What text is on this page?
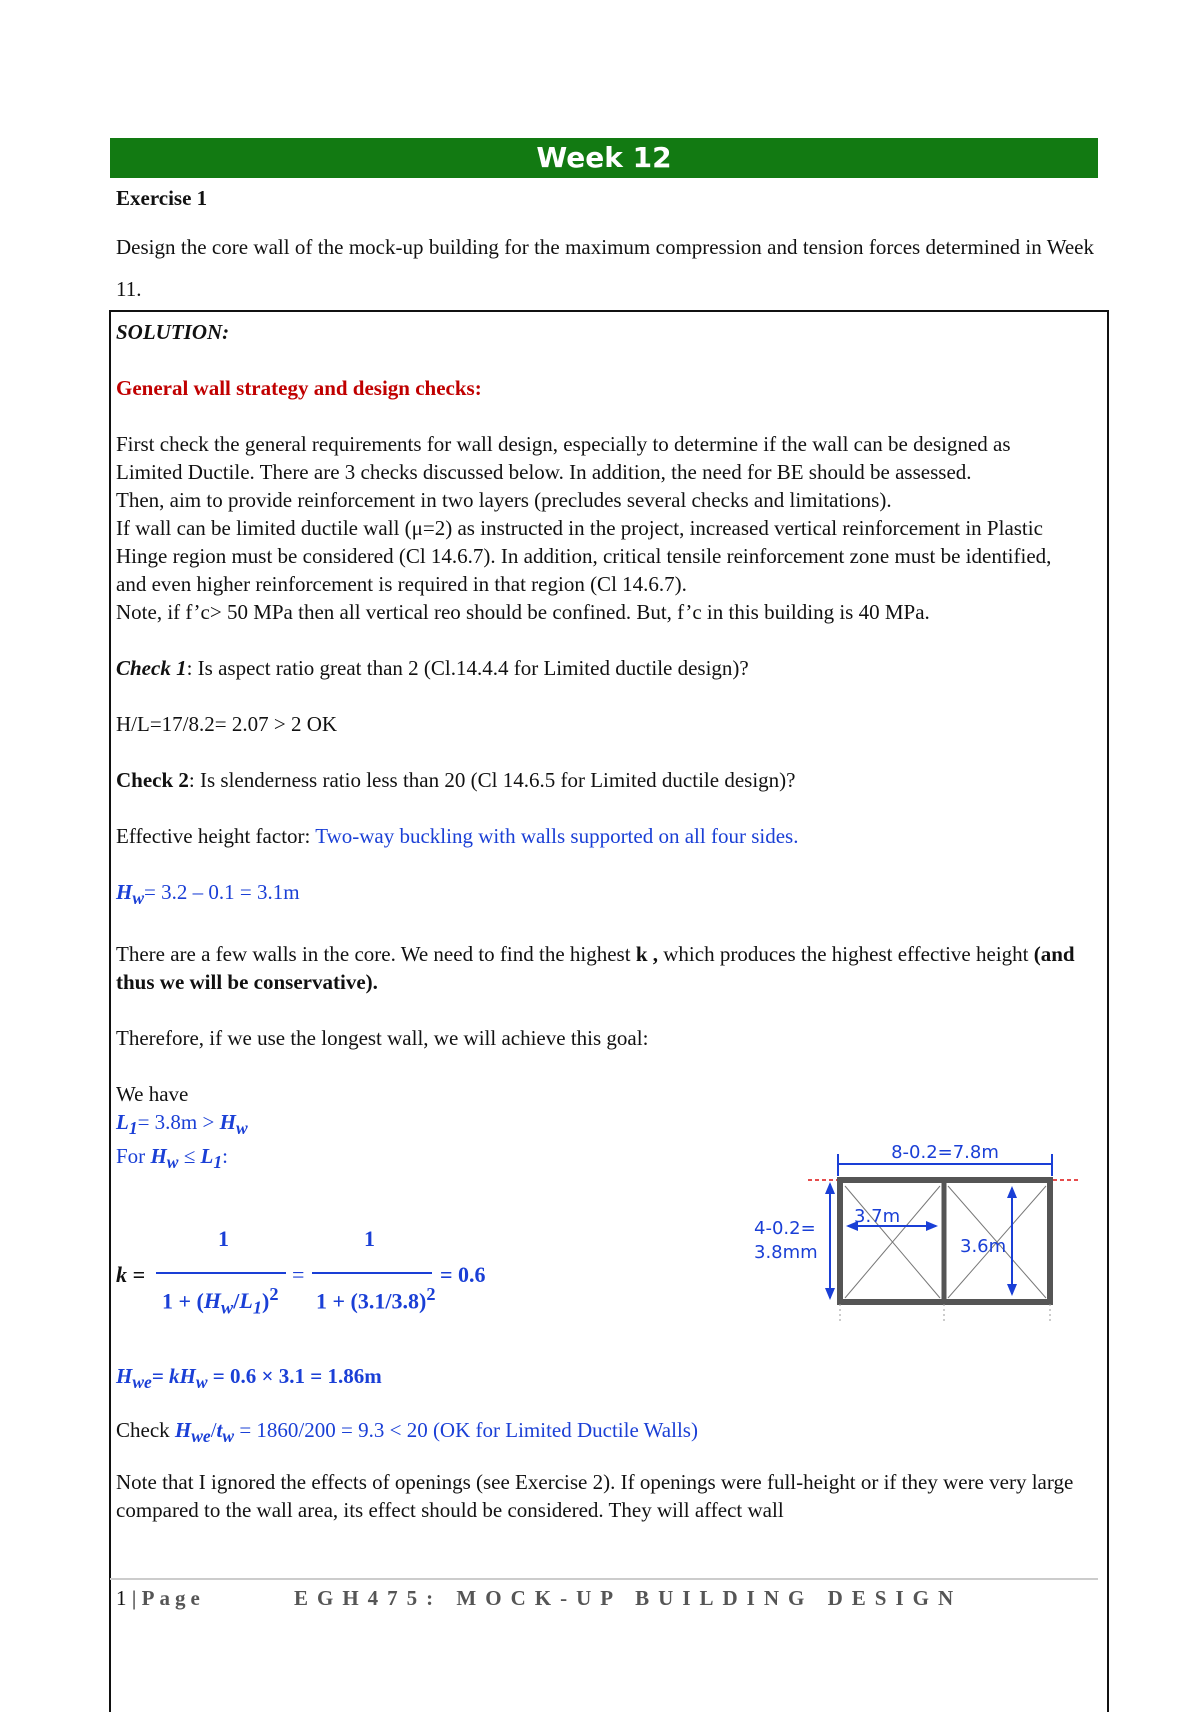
Week 12
Exercise 1
Design the core wall of the mock-up building for the maximum compression and tension forces determined in Week 11.

SOLUTION:

General wall strategy and design checks:

First check the general requirements for wall design, especially to determine if the wall can be designed as Limited Ductile. There are 3 checks discussed below. In addition, the need for BE should be assessed.

Then, aim to provide reinforcement in two layers (precludes several checks and limitations).

If wall can be limited ductile wall (μ=2) as instructed in the project, increased vertical reinforcement in Plastic Hinge region must be considered (Cl 14.6.7). In addition, critical tensile reinforcement zone must be identified, and even higher reinforcement is required in that region (Cl 14.6.7).

Note, if f’c> 50 MPa then all vertical reo should be confined. But, f’c in this building is 40 MPa.

Check 1: Is aspect ratio great than 2 (Cl.14.4.4 for Limited ductile design)?

H/L=17/8.2= 2.07 > 2 OK

Check 2: Is slenderness ratio less than 20 (Cl 14.6.5 for Limited ductile design)?

Effective height factor: Two-way buckling with walls supported on all four sides.

$H_w= 3.2 - 0.1 = 3.1m$

There are a few walls in the core. We need to find the highest k , which produces the highest effective height (and thus we will be conservative).

Therefore, if we use the longest wall, we will achieve this goal:

We have

$L_1= 3.8m > H_w$

For $H_w \le L_1$:

k =
1
$1 + (H_w/L_1)^2$
=
1
$1 + (3.1/3.8)^2$
= 0.6
$H_{we}= kH_w = 0.6 \times 3.1 = 1.86m$
Check $H_{we}/t_w = 1860/200 = 9.3 < 20$ (OK for Limited Ductile Walls)
Note that I ignored the effects of openings (see Exercise 2). If openings were full-height or if they were very large compared to the wall area, its effect should be considered. They will affect wall
8-0.2=7.8m
4-0.2=
3.8mm
3.7m
3.6m
1 | Page	EGH475: MOCK-UP BUILDING DESIGN
